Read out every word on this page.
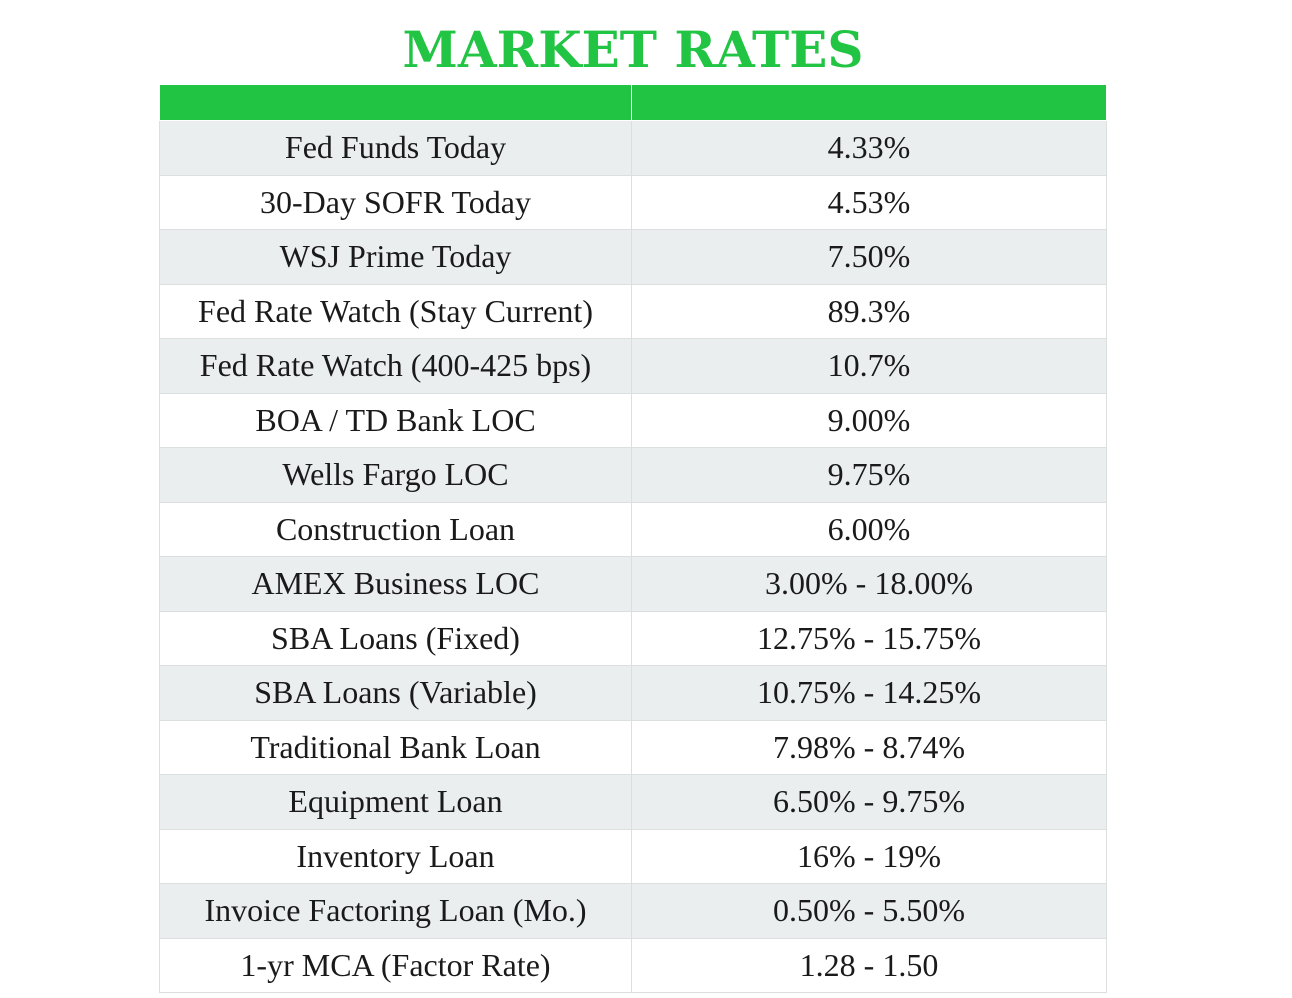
MARKET RATES

Fed Funds Today	4.33%
30-Day SOFR Today	4.53%
WSJ Prime Today	7.50%
Fed Rate Watch (Stay Current)	89.3%
Fed Rate Watch (400-425 bps)	10.7%
BOA / TD Bank LOC	9.00%
Wells Fargo LOC	9.75%
Construction Loan	6.00%
AMEX Business LOC	3.00% - 18.00%
SBA Loans (Fixed)	12.75% - 15.75%
SBA Loans (Variable)	10.75% - 14.25%
Traditional Bank Loan	7.98% - 8.74%
Equipment Loan	6.50% - 9.75%
Inventory Loan	16% - 19%
Invoice Factoring Loan (Mo.)	0.50% - 5.50%
1-yr MCA (Factor Rate)	1.28 - 1.50
